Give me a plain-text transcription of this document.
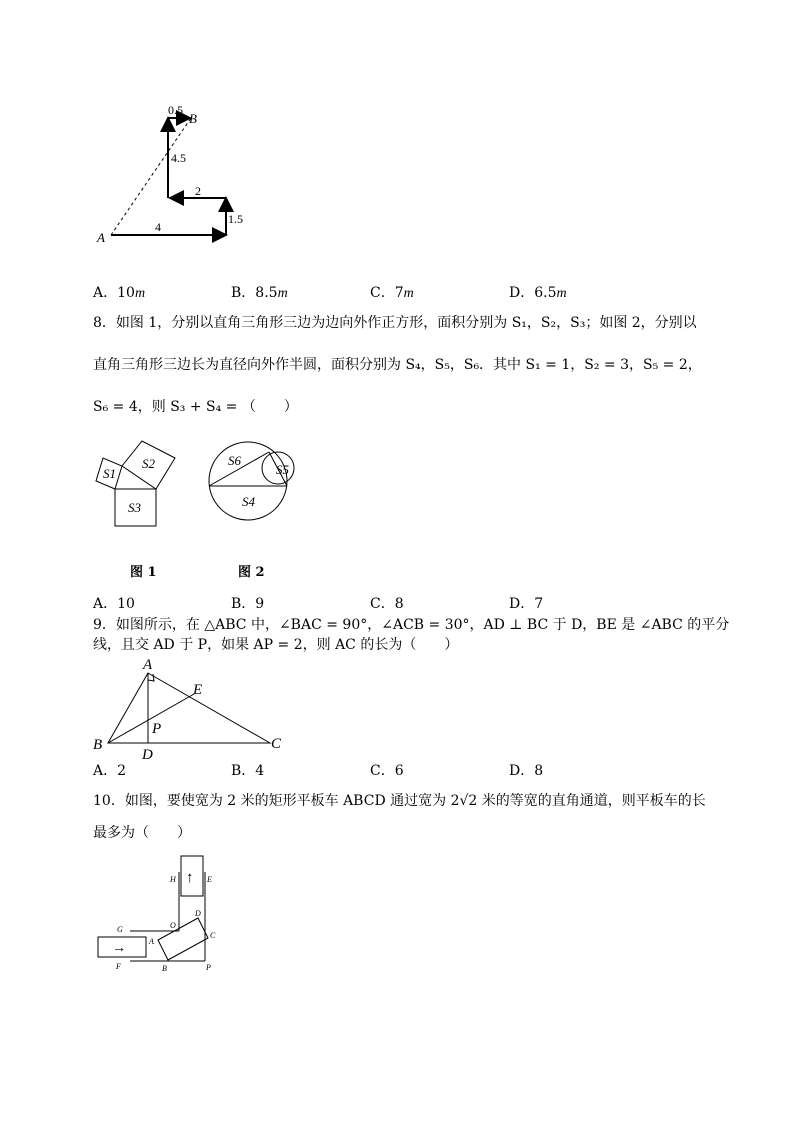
A
B
0.5
4.5
2
1.5
4
A．10m	B．8.5m	C．7m	D．6.5m
8．如图 1，分别以直角三角形三边为边向外作正方形，面积分别为 S₁，S₂，S₃；如图 2，分别以
直角三角形三边长为直径向外作半圆，面积分别为 S₄，S₅，S₆．其中 S₁ = 1，S₂ = 3，S₅ = 2，
S₆ = 4，则 S₃ + S₄ = （　　）
S1
S2
S3
S6
S5
S4
图 1	图 2
A．10	B．9	C．8	D．7
9．如图所示，在 △ABC 中，∠BAC = 90°，∠ACB = 30°，AD ⊥ BC 于 D，BE 是 ∠ABC 的平分
线，且交 AD 于 P，如果 AP = 2，则 AC 的长为（　　）
A
E
P
B
D
C
A．2	B．4	C．6	D．8
10．如图，要使宽为 2 米的矩形平板车 ABCD 通过宽为 2√2 米的等宽的直角通道，则平板车的长
最多为（　　）
↑
→
H	E
G	O
D
C
A
F	B	P
